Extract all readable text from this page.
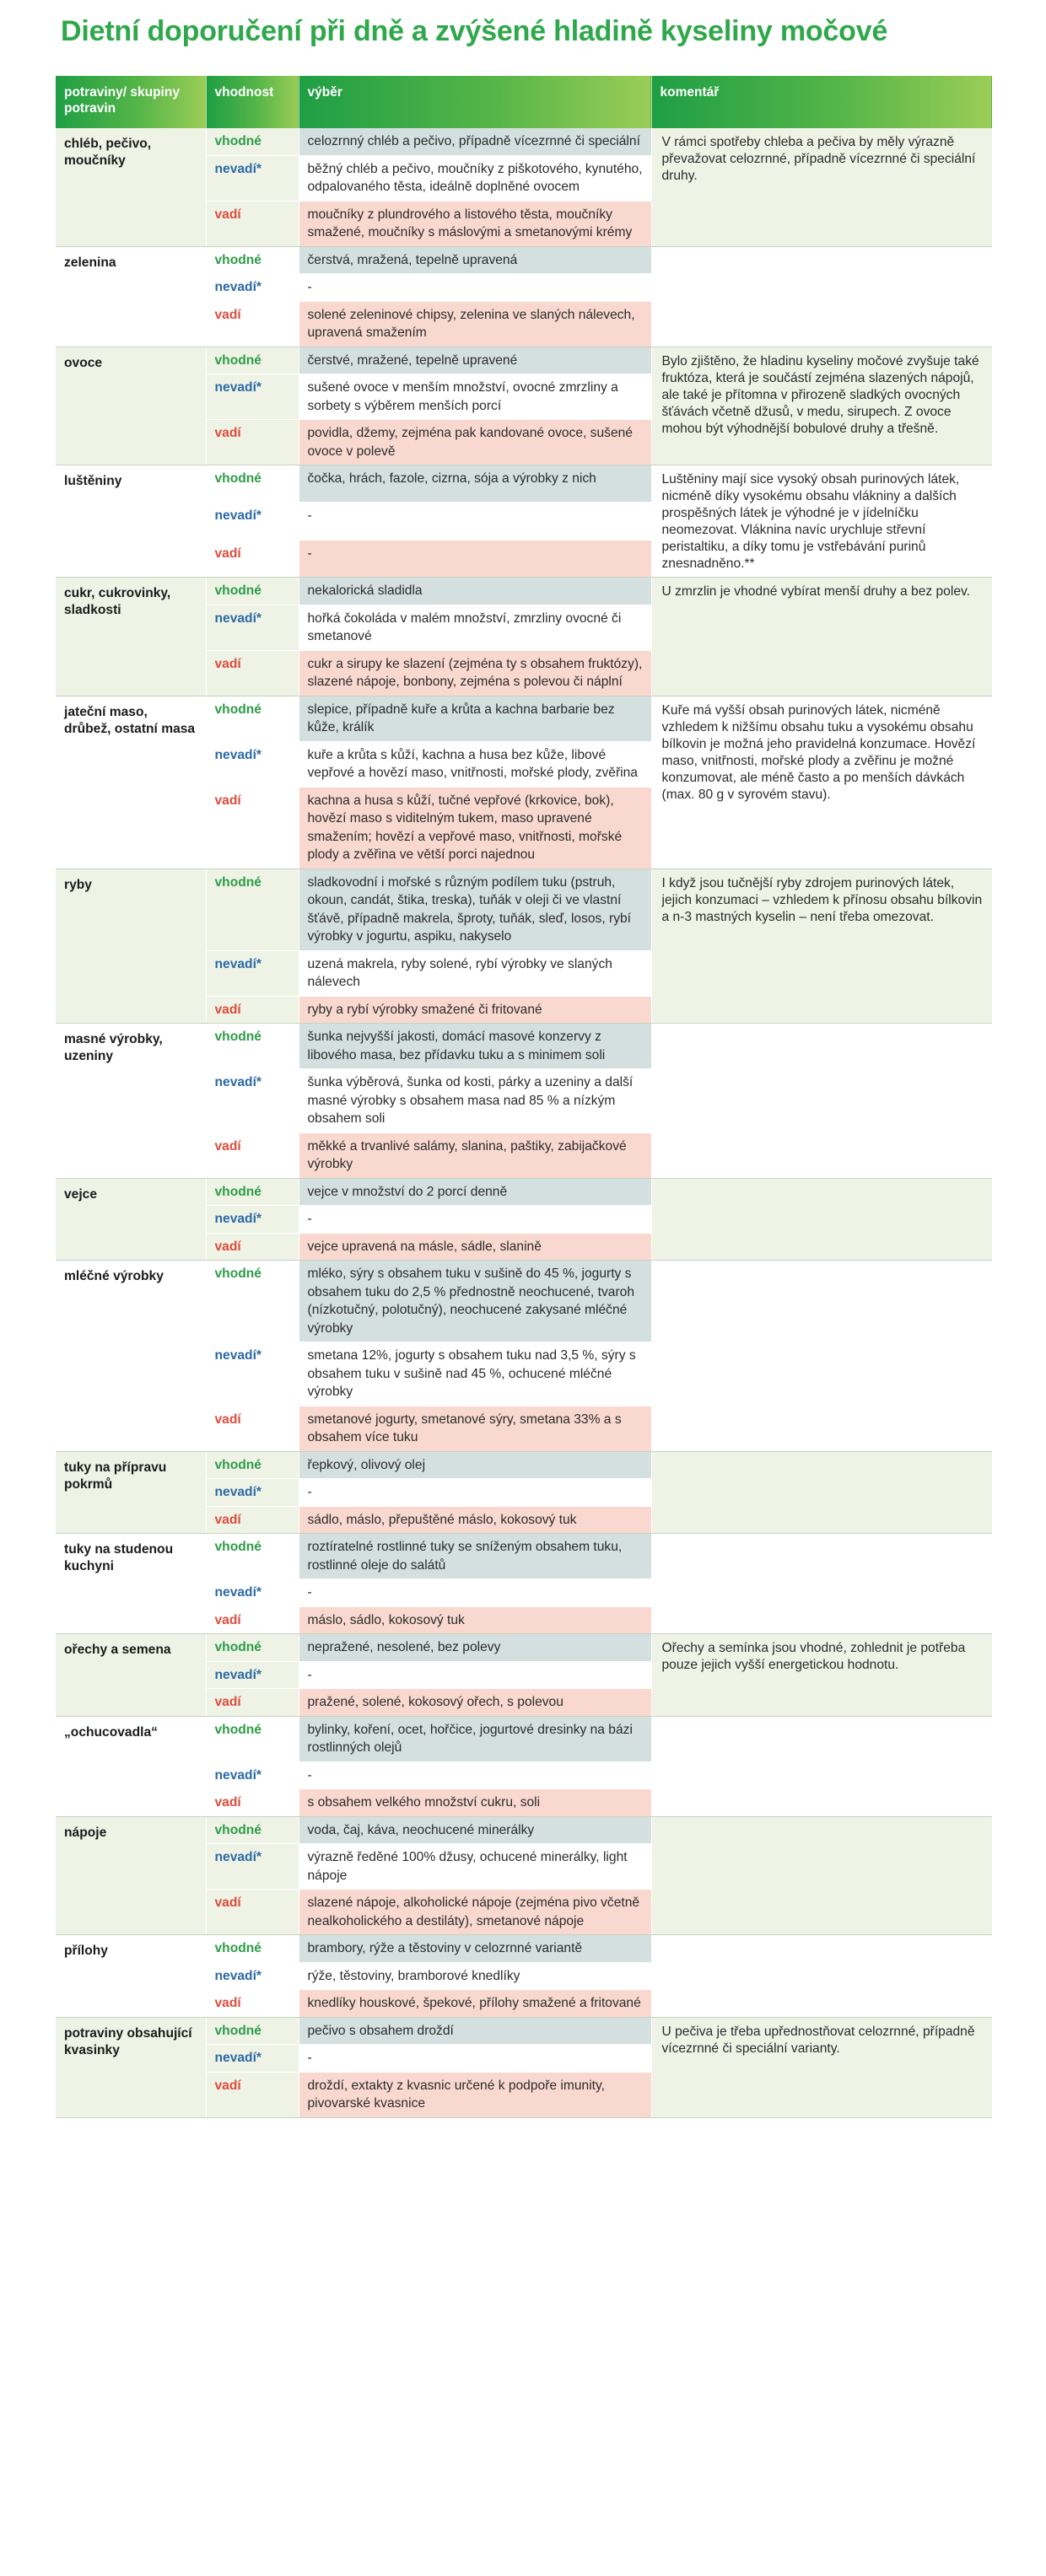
Dietní doporučení při dně a zvýšené hladině kyseliny močové
potraviny/ skupiny potravin	vhodnost	výběr	komentář
chléb, pečivo, moučníky	vhodné	celozrnný chléb a pečivo, případně vícezrnné či speciální	V rámci spotřeby chleba a pečiva by měly výrazně převažovat celozrnné, případně vícezrnné či speciální druhy.
	nevadí*	běžný chléb a pečivo, moučníky z piškotového, kynutého, odpalovaného těsta, ideálně doplněné ovocem	
	vadí	moučníky z plundrového a listového těsta, moučníky smažené, moučníky s máslovými a smetanovými krémy	
zelenina	vhodné	čerstvá, mražená, tepelně upravená	
	nevadí*	-	
	vadí	solené zeleninové chipsy, zelenina ve slaných nálevech, upravená smažením	
ovoce	vhodné	čerstvé, mražené, tepelně upravené	Bylo zjištěno, že hladinu kyseliny močové zvyšuje také fruktóza, která je součástí zejména slazených nápojů, ale také je přítomna v přirozeně sladkých ovocných šťávách včetně džusů, v medu, sirupech. Z ovoce mohou být výhodnější bobulové druhy a třešně.
	nevadí*	sušené ovoce v menším množství, ovocné zmrzliny a sorbety s výběrem menších porcí	
	vadí	povidla, džemy, zejména pak kandované ovoce, sušené ovoce v polevě	
luštěniny	vhodné	čočka, hrách, fazole, cizrna, sója a výrobky z nich	Luštěniny mají sice vysoký obsah purinových látek, nicméně díky vysokému obsahu vlákniny a dalších prospěšných látek je výhodné je v jídelníčku neomezovat. Vláknina navíc urychluje střevní peristaltiku, a díky tomu je vstřebávání purinů znesnadněno.**
	nevadí*	-	
	vadí	-	
cukr, cukrovinky, sladkosti	vhodné	nekalorická sladidla	U zmrzlin je vhodné vybírat menší druhy a bez polev.
	nevadí*	hořká čokoláda v malém množství, zmrzliny ovocné či smetanové	
	vadí	cukr a sirupy ke slazení (zejména ty s obsahem fruktózy), slazené nápoje, bonbony, zejména s polevou či náplní	
jateční maso, drůbež, ostatní masa	vhodné	slepice, případně kuře a krůta a kachna barbarie bez kůže, králík	Kuře má vyšší obsah purinových látek, nicméně vzhledem k nižšímu obsahu tuku a vysokému obsahu bílkovin je možná jeho pravidelná konzumace. Hovězí maso, vnitřnosti, mořské plody a zvěřinu je možné konzumovat, ale méně často a po menších dávkách (max. 80 g v syrovém stavu).
	nevadí*	kuře a krůta s kůží, kachna a husa bez kůže, libové vepřové a hovězí maso, vnitřnosti, mořské plody, zvěřina	
	vadí	kachna a husa s kůží, tučné vepřové (krkovice, bok), hovězí maso s viditelným tukem, maso upravené smažením; hovězí a vepřové maso, vnitřnosti, mořské plody a zvěřina ve větší porci najednou	
ryby	vhodné	sladkovodní i mořské s různým podílem tuku (pstruh, okoun, candát, štika, treska), tuňák v oleji či ve vlastní šťávě, případně makrela, šproty, tuňák, sleď, losos, rybí výrobky v jogurtu, aspiku, nakyselo	I když jsou tučnější ryby zdrojem purinových látek, jejich konzumaci – vzhledem k přínosu obsahu bílkovin a n-3 mastných kyselin – není třeba omezovat.
	nevadí*	uzená makrela, ryby solené, rybí výrobky ve slaných nálevech	
	vadí	ryby a rybí výrobky smažené či fritované	
masné výrobky, uzeniny	vhodné	šunka nejvyšší jakosti, domácí masové konzervy z libového masa, bez přídavku tuku a s minimem soli	
	nevadí*	šunka výběrová, šunka od kosti, párky a uzeniny a další masné výrobky s obsahem masa nad 85 % a nízkým obsahem soli	
	vadí	měkké a trvanlivé salámy, slanina, paštiky, zabijačkové výrobky	
vejce	vhodné	vejce v množství do 2 porcí denně	
	nevadí*	-	
	vadí	vejce upravená na másle, sádle, slanině	
mléčné výrobky	vhodné	mléko, sýry s obsahem tuku v sušině do 45 %, jogurty s obsahem tuku do 2,5 % přednostně neochucené, tvaroh (nízkotučný, polotučný), neochucené zakysané mléčné výrobky	
	nevadí*	smetana 12%, jogurty s obsahem tuku nad 3,5 %, sýry s obsahem tuku v sušině nad 45 %, ochucené mléčné výrobky	
	vadí	smetanové jogurty, smetanové sýry, smetana 33% a s obsahem více tuku	
tuky na přípravu pokrmů	vhodné	řepkový, olivový olej	
	nevadí*	-	
	vadí	sádlo, máslo, přepuštěné máslo, kokosový tuk	
tuky na studenou kuchyni	vhodné	roztíratelné rostlinné tuky se sníženým obsahem tuku, rostlinné oleje do salátů	
	nevadí*	-	
	vadí	máslo, sádlo, kokosový tuk	
ořechy a semena	vhodné	nepražené, nesolené, bez polevy	Ořechy a semínka jsou vhodné, zohlednit je potřeba pouze jejich vyšší energetickou hodnotu.
	nevadí*	-	
	vadí	pražené, solené, kokosový ořech, s polevou	
„ochucovadla“	vhodné	bylinky, koření, ocet, hořčice, jogurtové dresinky na bázi rostlinných olejů	
	nevadí*	-	
	vadí	s obsahem velkého množství cukru, soli	
nápoje	vhodné	voda, čaj, káva, neochucené minerálky	
	nevadí*	výrazně ředěné 100% džusy, ochucené minerálky, light nápoje	
	vadí	slazené nápoje, alkoholické nápoje (zejména pivo včetně nealkoholického a destiláty), smetanové nápoje	
přílohy	vhodné	brambory, rýže a těstoviny v celozrnné variantě	
	nevadí*	rýže, těstoviny, bramborové knedlíky	
	vadí	knedlíky houskové, špekové, přílohy smažené a fritované	
potraviny obsahující kvasinky	vhodné	pečivo s obsahem droždí	U pečiva je třeba upřednostňovat celozrnné, případně vícezrnné či speciální varianty.
	nevadí*	-	
	vadí	droždí, extakty z kvasnic určené k podpoře imunity, pivovarské kvasnice	
